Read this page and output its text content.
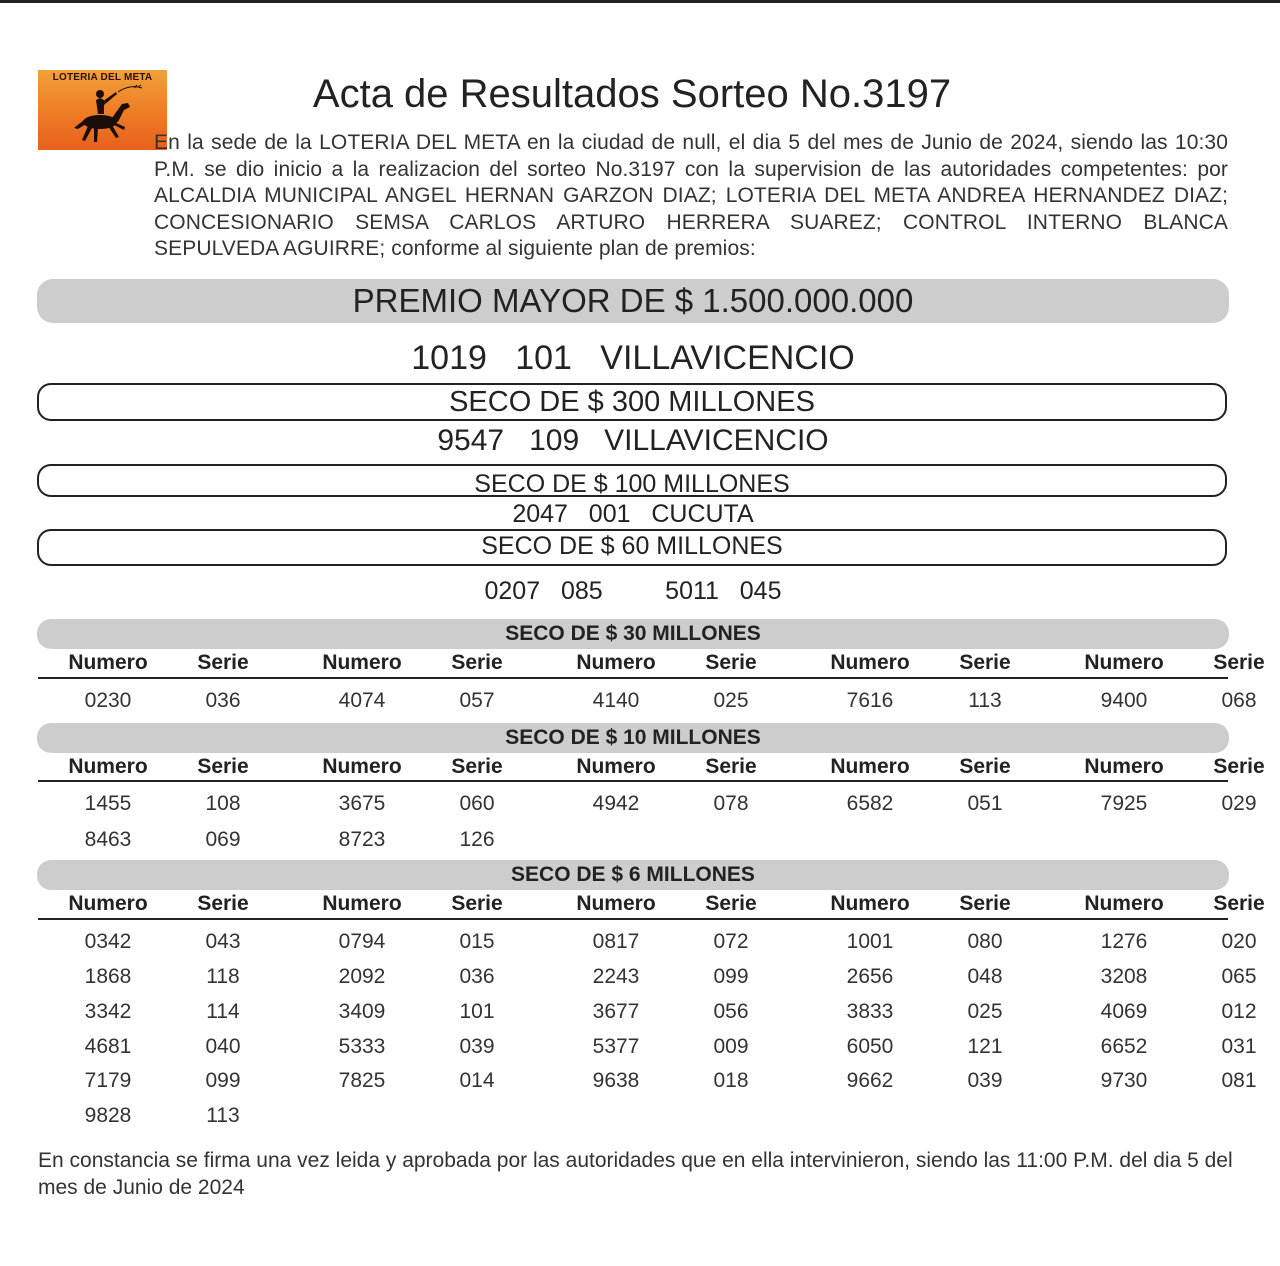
LOTERIA DEL META	Acta de Resultados Sorteo No.3197
En la sede de la LOTERIA DEL META en la ciudad de null, el dia 5 del mes de Junio de 2024, siendo las 10:30 P.M. se dio inicio a la realizacion del sorteo No.3197 con la supervision de las autoridades competentes: por ALCALDIA MUNICIPAL ANGEL HERNAN GARZON DIAZ; LOTERIA DEL META ANDREA HERNANDEZ DIAZ; CONCESIONARIO SEMSA CARLOS ARTURO HERRERA SUAREZ; CONTROL INTERNO BLANCA SEPULVEDA AGUIRRE; conforme al siguiente plan de premios:
PREMIO MAYOR DE $ 1.500.000.000
1019   101   VILLAVICENCIO
SECO DE $ 300 MILLONES
9547   109   VILLAVICENCIO
SECO DE $ 100 MILLONES
2047   001   CUCUTA
SECO DE $ 60 MILLONES
0207   085         5011   045
SECO DE $ 30 MILLONES
Numero	Serie	Numero	Serie	Numero	Serie	Numero	Serie	Numero	Serie
0230	036	4074	057	4140	025	7616	113	9400	068
SECO DE $ 10 MILLONES
Numero	Serie	Numero	Serie	Numero	Serie	Numero	Serie	Numero	Serie
1455	108	3675	060	4942	078	6582	051	7925	029
8463	069	8723	126
SECO DE $ 6 MILLONES
Numero	Serie	Numero	Serie	Numero	Serie	Numero	Serie	Numero	Serie
0342	043	0794	015	0817	072	1001	080	1276	020
1868	118	2092	036	2243	099	2656	048	3208	065
3342	114	3409	101	3677	056	3833	025	4069	012
4681	040	5333	039	5377	009	6050	121	6652	031
7179	099	7825	014	9638	018	9662	039	9730	081
9828	113
En constancia se firma una vez leida y aprobada por las autoridades que en ella intervinieron, siendo las 11:00 P.M. del dia 5 del mes de Junio de 2024
